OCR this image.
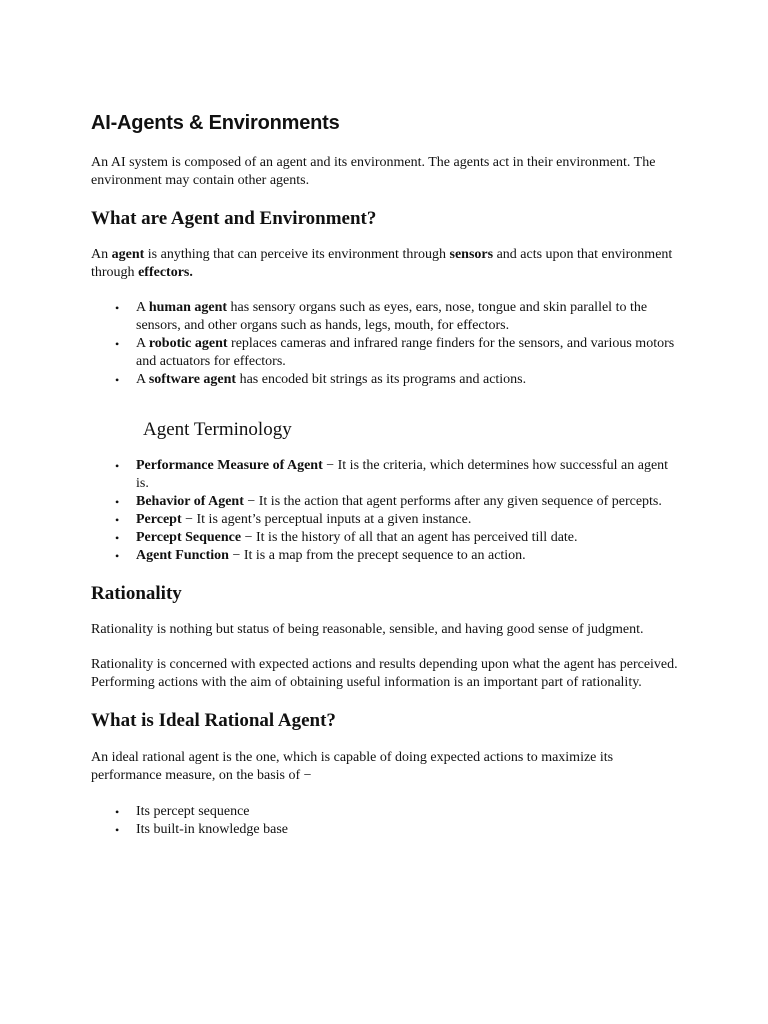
AI-Agents & Environments

An AI system is composed of an agent and its environment. The agents act in their environment. The environment may contain other agents.

What are Agent and Environment?

An agent is anything that can perceive its environment through sensors and acts upon that environment through effectors.

• A human agent has sensory organs such as eyes, ears, nose, tongue and skin parallel to the sensors, and other organs such as hands, legs, mouth, for effectors.
• A robotic agent replaces cameras and infrared range finders for the sensors, and various motors and actuators for effectors.
• A software agent has encoded bit strings as its programs and actions.
Agent Terminology
• Performance Measure of Agent − It is the criteria, which determines how successful an agent is.
• Behavior of Agent − It is the action that agent performs after any given sequence of percepts.
• Percept − It is agent’s perceptual inputs at a given instance.
• Percept Sequence − It is the history of all that an agent has perceived till date.
• Agent Function − It is a map from the precept sequence to an action.
Rationality

Rationality is nothing but status of being reasonable, sensible, and having good sense of judgment.

Rationality is concerned with expected actions and results depending upon what the agent has perceived. Performing actions with the aim of obtaining useful information is an important part of rationality.

What is Ideal Rational Agent?

An ideal rational agent is the one, which is capable of doing expected actions to maximize its performance measure, on the basis of −

• Its percept sequence
• Its built-in knowledge base
